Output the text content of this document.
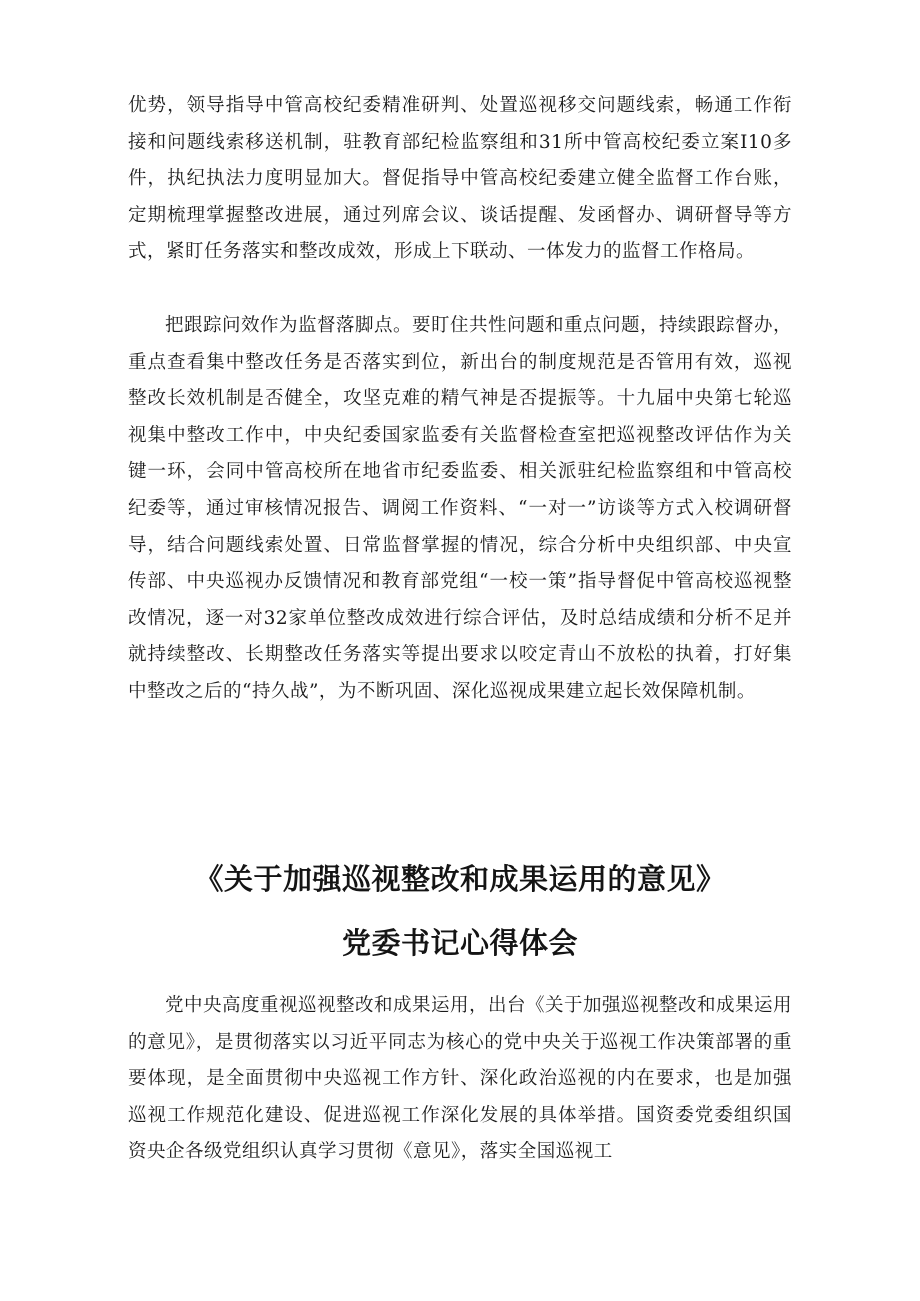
优势，领导指导中管高校纪委精准研判、处置巡视移交问题线索，畅通工作衔接和问题线索移送机制，驻教育部纪检监察组和31所中管高校纪委立案I10多件，执纪执法力度明显加大。督促指导中管高校纪委建立健全监督工作台账，定期梳理掌握整改进展，通过列席会议、谈话提醒、发函督办、调研督导等方式，紧盯任务落实和整改成效，形成上下联动、一体发力的监督工作格局。

把跟踪问效作为监督落脚点。要盯住共性问题和重点问题，持续跟踪督办，重点查看集中整改任务是否落实到位，新出台的制度规范是否管用有效，巡视整改长效机制是否健全，攻坚克难的精气神是否提振等。十九届中央第七轮巡视集中整改工作中，中央纪委国家监委有关监督检查室把巡视整改评估作为关键一环，会同中管高校所在地省市纪委监委、相关派驻纪检监察组和中管高校纪委等，通过审核情况报告、调阅工作资料、“一对一”访谈等方式入校调研督导，结合问题线索处置、日常监督掌握的情况，综合分析中央组织部、中央宣传部、中央巡视办反馈情况和教育部党组“一校一策”指导督促中管高校巡视整改情况，逐一对32家单位整改成效进行综合评估，及时总结成绩和分析不足并就持续整改、长期整改任务落实等提出要求以咬定青山不放松的执着，打好集中整改之后的“持久战”，为不断巩固、深化巡视成果建立起长效保障机制。

《关于加强巡视整改和成果运用的意见》
党委书记心得体会

党中央高度重视巡视整改和成果运用，出台《关于加强巡视整改和成果运用的意见》，是贯彻落实以习近平同志为核心的党中央关于巡视工作决策部署的重要体现，是全面贯彻中央巡视工作方针、深化政治巡视的内在要求，也是加强巡视工作规范化建设、促进巡视工作深化发展的具体举措。国资委党委组织国资央企各级党组织认真学习贯彻《意见》，落实全国巡视工
